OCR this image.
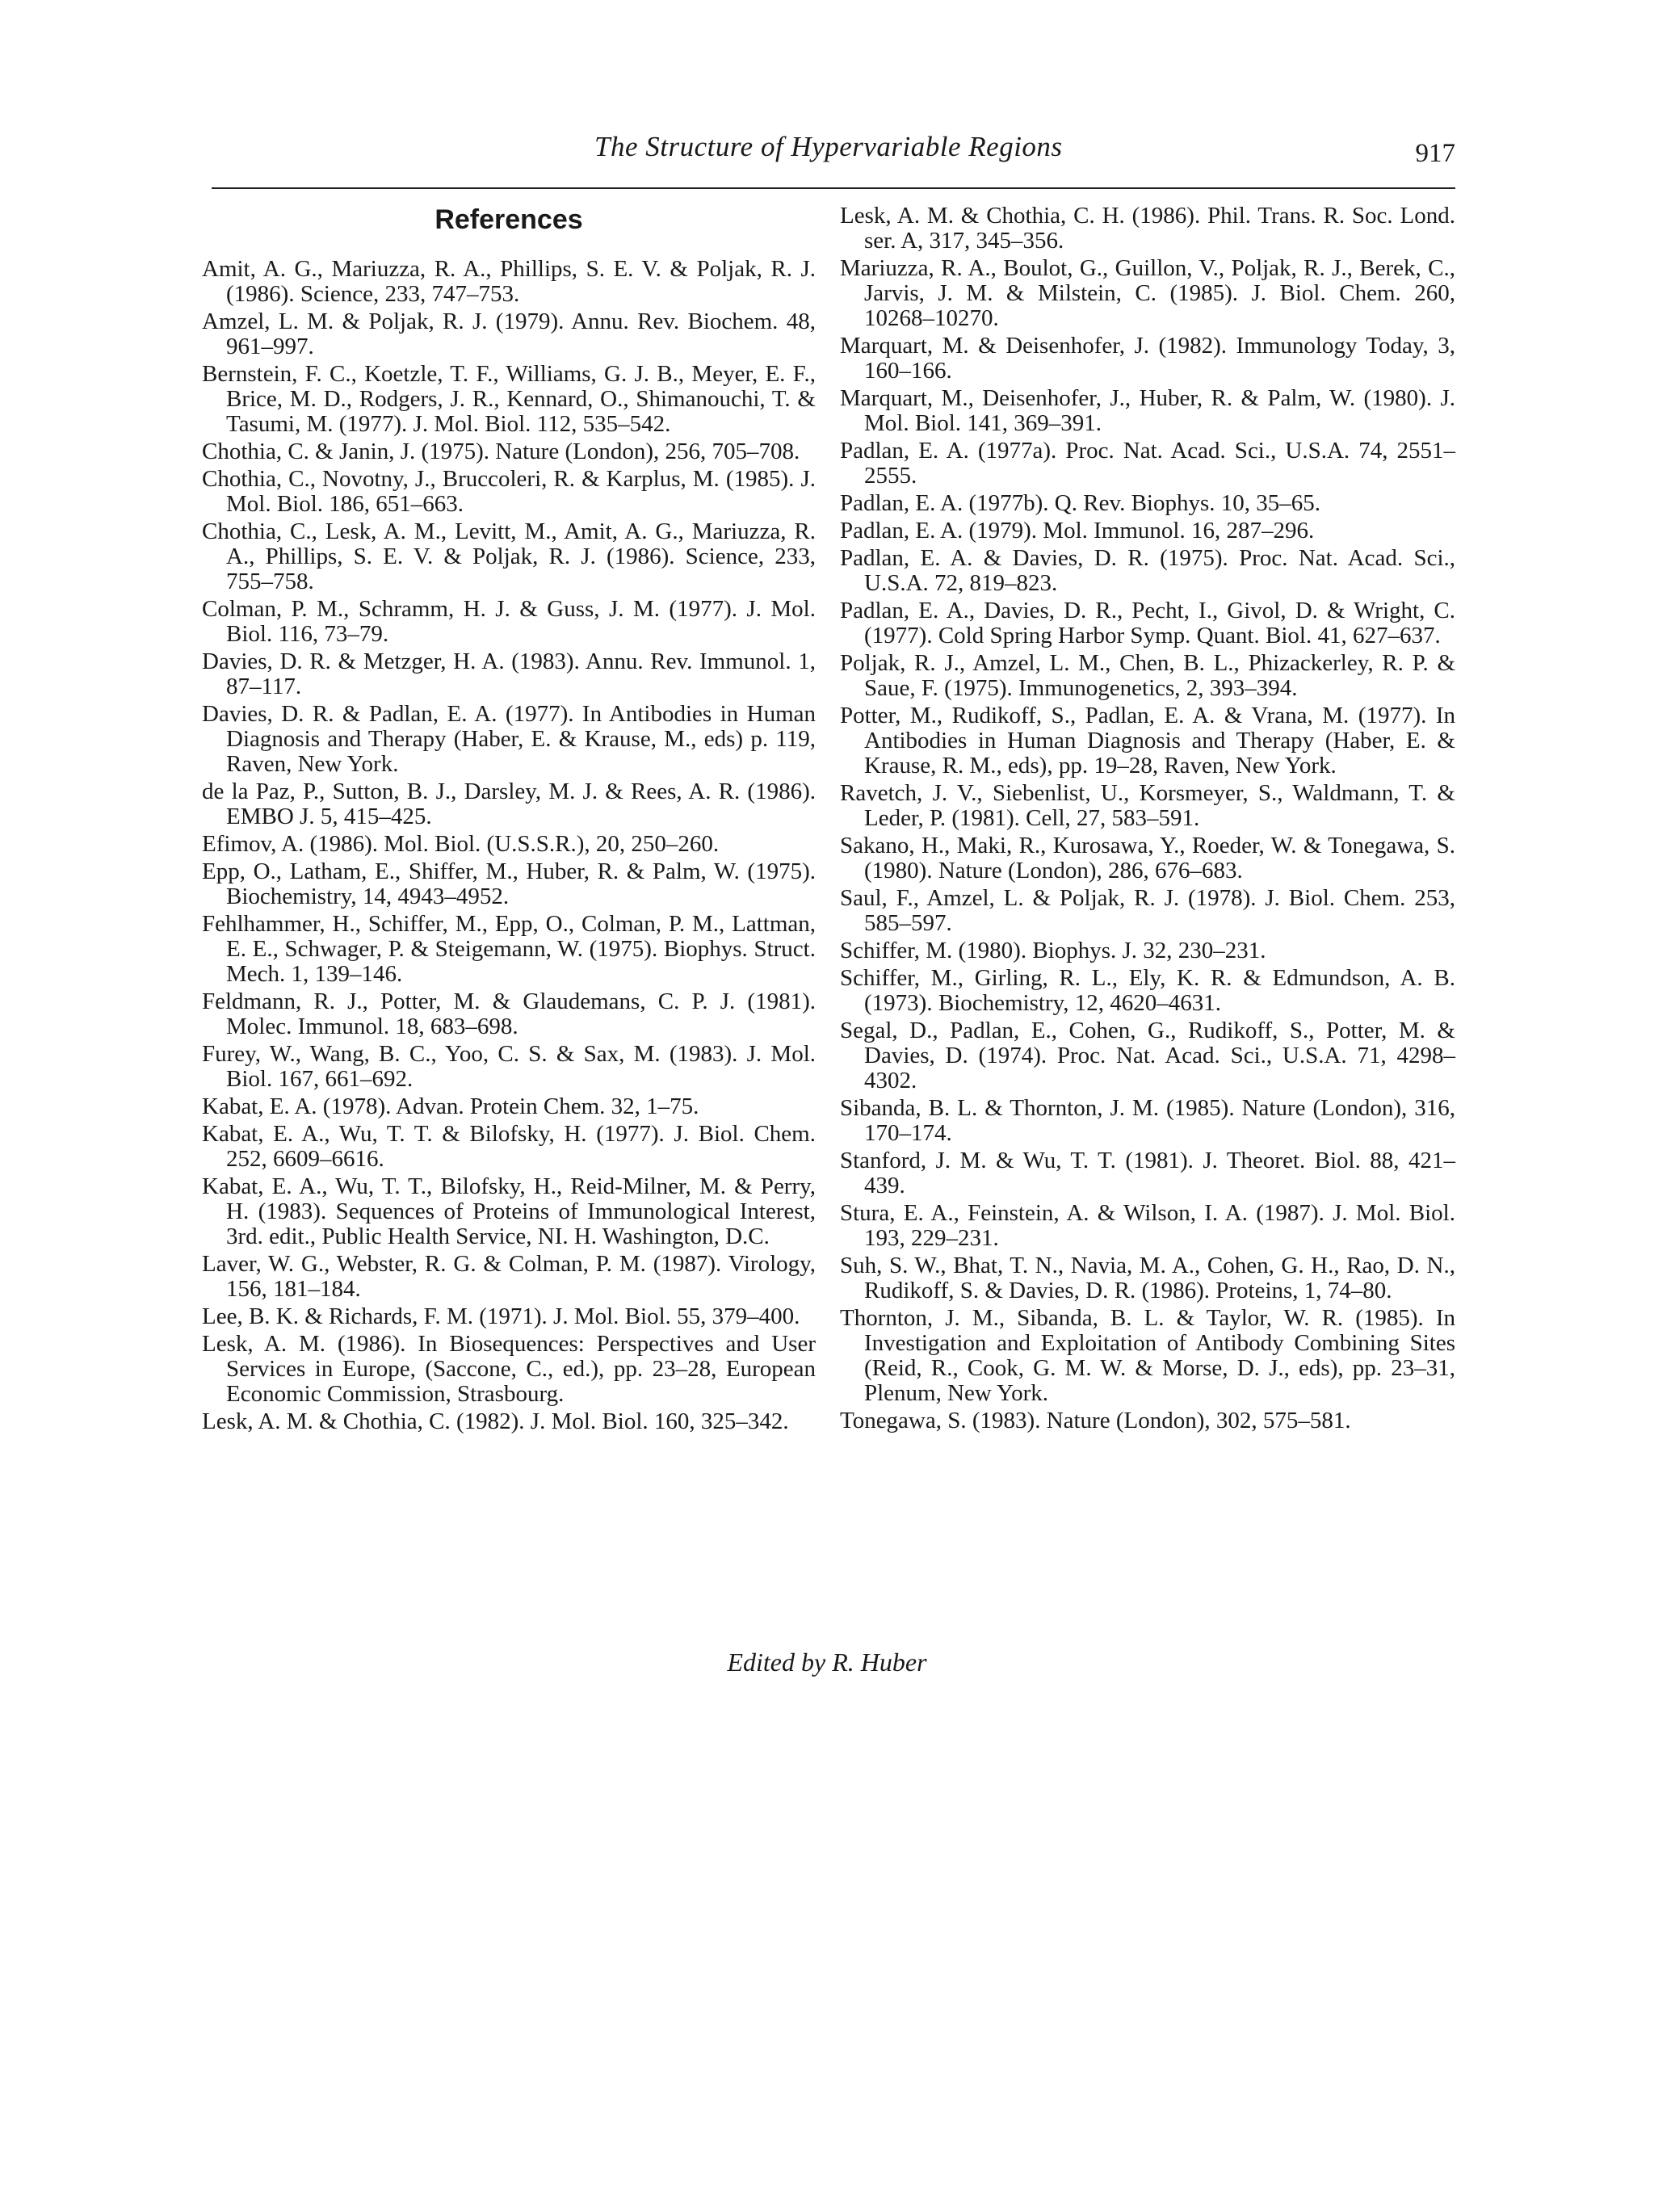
The Structure of Hypervariable Regions	917
References
Amit, A. G., Mariuzza, R. A., Phillips, S. E. V. & Poljak, R. J. (1986). Science, 233, 747–753.
Amzel, L. M. & Poljak, R. J. (1979). Annu. Rev. Biochem. 48, 961–997.
Bernstein, F. C., Koetzle, T. F., Williams, G. J. B., Meyer, E. F., Brice, M. D., Rodgers, J. R., Kennard, O., Shimanouchi, T. & Tasumi, M. (1977). J. Mol. Biol. 112, 535–542.
Chothia, C. & Janin, J. (1975). Nature (London), 256, 705–708.
Chothia, C., Novotny, J., Bruccoleri, R. & Karplus, M. (1985). J. Mol. Biol. 186, 651–663.
Chothia, C., Lesk, A. M., Levitt, M., Amit, A. G., Mariuzza, R. A., Phillips, S. E. V. & Poljak, R. J. (1986). Science, 233, 755–758.
Colman, P. M., Schramm, H. J. & Guss, J. M. (1977). J. Mol. Biol. 116, 73–79.
Davies, D. R. & Metzger, H. A. (1983). Annu. Rev. Immunol. 1, 87–117.
Davies, D. R. & Padlan, E. A. (1977). In Antibodies in Human Diagnosis and Therapy (Haber, E. & Krause, M., eds) p. 119, Raven, New York.
de la Paz, P., Sutton, B. J., Darsley, M. J. & Rees, A. R. (1986). EMBO J. 5, 415–425.
Efimov, A. (1986). Mol. Biol. (U.S.S.R.), 20, 250–260.
Epp, O., Latham, E., Shiffer, M., Huber, R. & Palm, W. (1975). Biochemistry, 14, 4943–4952.
Fehlhammer, H., Schiffer, M., Epp, O., Colman, P. M., Lattman, E. E., Schwager, P. & Steigemann, W. (1975). Biophys. Struct. Mech. 1, 139–146.
Feldmann, R. J., Potter, M. & Glaudemans, C. P. J. (1981). Molec. Immunol. 18, 683–698.
Furey, W., Wang, B. C., Yoo, C. S. & Sax, M. (1983). J. Mol. Biol. 167, 661–692.
Kabat, E. A. (1978). Advan. Protein Chem. 32, 1–75.
Kabat, E. A., Wu, T. T. & Bilofsky, H. (1977). J. Biol. Chem. 252, 6609–6616.
Kabat, E. A., Wu, T. T., Bilofsky, H., Reid-Milner, M. & Perry, H. (1983). Sequences of Proteins of Immunological Interest, 3rd. edit., Public Health Service, NI. H. Washington, D.C.
Laver, W. G., Webster, R. G. & Colman, P. M. (1987). Virology, 156, 181–184.
Lee, B. K. & Richards, F. M. (1971). J. Mol. Biol. 55, 379–400.
Lesk, A. M. (1986). In Biosequences: Perspectives and User Services in Europe, (Saccone, C., ed.), pp. 23–28, European Economic Commission, Strasbourg.
Lesk, A. M. & Chothia, C. (1982). J. Mol. Biol. 160, 325–342.
Lesk, A. M. & Chothia, C. H. (1986). Phil. Trans. R. Soc. Lond. ser. A, 317, 345–356.
Mariuzza, R. A., Boulot, G., Guillon, V., Poljak, R. J., Berek, C., Jarvis, J. M. & Milstein, C. (1985). J. Biol. Chem. 260, 10268–10270.
Marquart, M. & Deisenhofer, J. (1982). Immunology Today, 3, 160–166.
Marquart, M., Deisenhofer, J., Huber, R. & Palm, W. (1980). J. Mol. Biol. 141, 369–391.
Padlan, E. A. (1977a). Proc. Nat. Acad. Sci., U.S.A. 74, 2551–2555.
Padlan, E. A. (1977b). Q. Rev. Biophys. 10, 35–65.
Padlan, E. A. (1979). Mol. Immunol. 16, 287–296.
Padlan, E. A. & Davies, D. R. (1975). Proc. Nat. Acad. Sci., U.S.A. 72, 819–823.
Padlan, E. A., Davies, D. R., Pecht, I., Givol, D. & Wright, C. (1977). Cold Spring Harbor Symp. Quant. Biol. 41, 627–637.
Poljak, R. J., Amzel, L. M., Chen, B. L., Phizackerley, R. P. & Saue, F. (1975). Immunogenetics, 2, 393–394.
Potter, M., Rudikoff, S., Padlan, E. A. & Vrana, M. (1977). In Antibodies in Human Diagnosis and Therapy (Haber, E. & Krause, R. M., eds), pp. 19–28, Raven, New York.
Ravetch, J. V., Siebenlist, U., Korsmeyer, S., Waldmann, T. & Leder, P. (1981). Cell, 27, 583–591.
Sakano, H., Maki, R., Kurosawa, Y., Roeder, W. & Tonegawa, S. (1980). Nature (London), 286, 676–683.
Saul, F., Amzel, L. & Poljak, R. J. (1978). J. Biol. Chem. 253, 585–597.
Schiffer, M. (1980). Biophys. J. 32, 230–231.
Schiffer, M., Girling, R. L., Ely, K. R. & Edmundson, A. B. (1973). Biochemistry, 12, 4620–4631.
Segal, D., Padlan, E., Cohen, G., Rudikoff, S., Potter, M. & Davies, D. (1974). Proc. Nat. Acad. Sci., U.S.A. 71, 4298–4302.
Sibanda, B. L. & Thornton, J. M. (1985). Nature (London), 316, 170–174.
Stanford, J. M. & Wu, T. T. (1981). J. Theoret. Biol. 88, 421–439.
Stura, E. A., Feinstein, A. & Wilson, I. A. (1987). J. Mol. Biol. 193, 229–231.
Suh, S. W., Bhat, T. N., Navia, M. A., Cohen, G. H., Rao, D. N., Rudikoff, S. & Davies, D. R. (1986). Proteins, 1, 74–80.
Thornton, J. M., Sibanda, B. L. & Taylor, W. R. (1985). In Investigation and Exploitation of Antibody Combining Sites (Reid, R., Cook, G. M. W. & Morse, D. J., eds), pp. 23–31, Plenum, New York.
Tonegawa, S. (1983). Nature (London), 302, 575–581.
Edited by R. Huber
